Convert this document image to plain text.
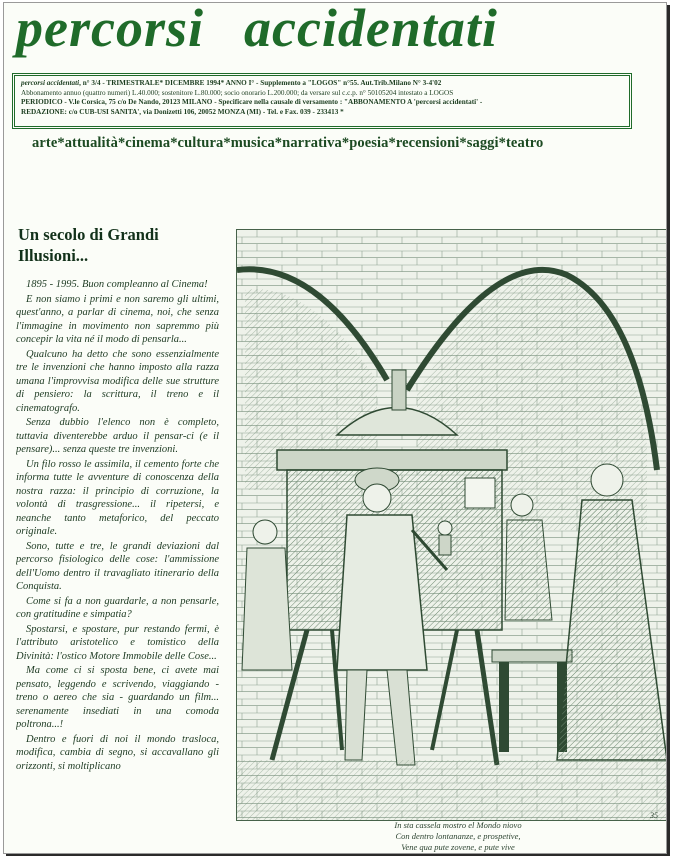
percorsi accidentati
percorsi accidentati, n° 3/4 - TRIMESTRALE* DICEMBRE 1994* ANNO I° - Supplemento a "LOGOS" n°55. Aut.Trib.Milano N° 3-4'02
Abbonamento annuo (quattro numeri) L.40.000; sostenitore L.80.000; socio onorario L.200.000; da versare sul c.c.p. n° 50105204 intestato a LOGOS
PERIODICO - V.le Corsica, 75 c/o De Nando, 20123 MILANO - Specificare nella causale di versamento : "ABBONAMENTO A 'percorsi accidentati' -
REDAZIONE: c/o CUB-USI SANITA', via Donizetti 106, 20052 MONZA (MI) - Tel. e Fax. 039 - 233413 *
arte*attualità*cinema*cultura*musica*narrativa*poesia*recensioni*saggi*teatro
Un secolo di Grandi Illusioni...

1895 - 1995. Buon compleanno al Cinema!

E non siamo i primi e non saremo gli ultimi, quest'anno, a parlar di cinema, noi, che senza l'immagine in movimento non sapremmo più concepir la vita né il modo di pensarla...

Qualcuno ha detto che sono essenzialmente tre le invenzioni che hanno imposto alla razza umana l'improvvisa modifica delle sue strutture di pensiero: la scrittura, il treno e il cinematografo.

Senza dubbio l'elenco non è completo, tuttavia diventerebbe arduo il pensar-ci (e il pensare)... senza queste tre invenzioni.

Un filo rosso le assimila, il cemento forte che informa tutte le avventure di conoscenza della nostra razza: il principio di corruzione, la volontà di trasgressione... il ripetersi, e neanche tanto metaforico, del peccato originale.

Sono, tutte e tre, le grandi deviazioni dal percorso fisiologico delle cose: l'ammissione dell'Uomo dentro il travagliato itinerario della Conquista.

Come si fa a non guardarle, a non pensarle, con gratitudine e simpatia?

Spostarsi, e spostare, pur restando fermi, è l'attributo aristotelico e tomistico della Divinità: l'ostico Motore Immobile delle Cose...

Ma come ci si sposta bene, ci avete mai pensato, leggendo e scrivendo, viaggiando - treno o aereo che sia - guardando un film... serenamente insediati in una comoda poltrona...!

Dentro e fuori di noi il mondo trasloca, modifica, cambia di segno, si accavallano gli orizzonti, si moltiplicano

35
In sta cassela mostro el Mondo niovo
Con dentro lontananze, e prospetive,
Vene qua pute zovene, e pute vive
